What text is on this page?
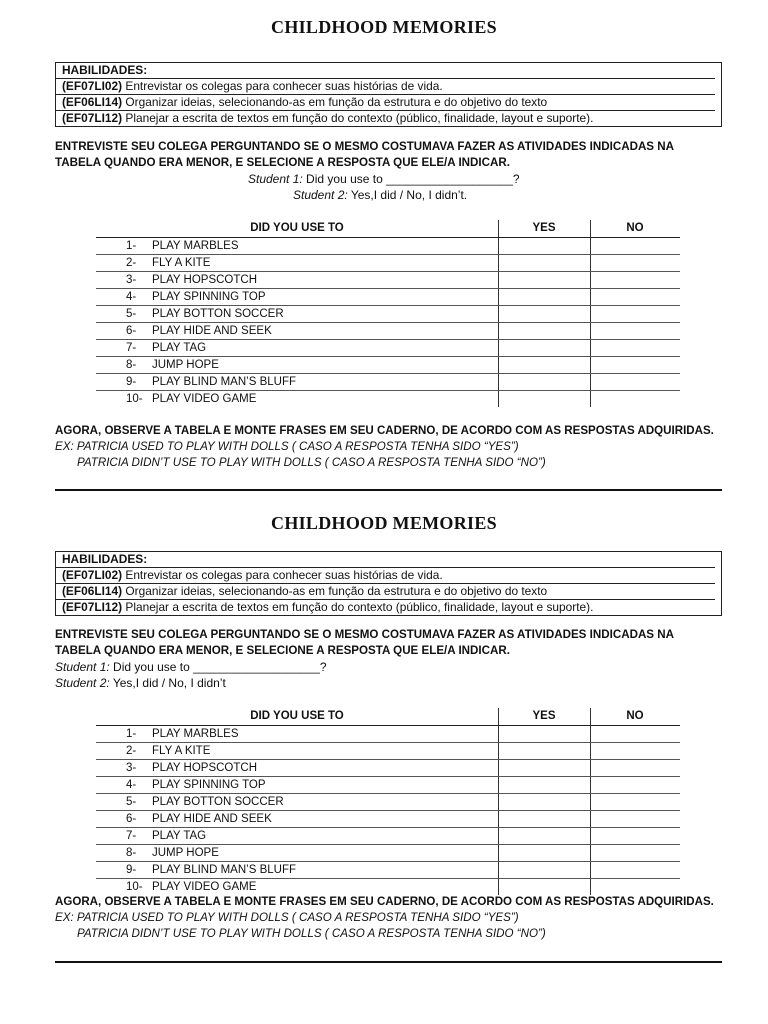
CHILDHOOD MEMORIES
HABILIDADES:
(EF07LI02) Entrevistar os colegas para conhecer suas histórias de vida.
(EF06LI14) Organizar ideias, selecionando-as em função da estrutura e do objetivo do texto
(EF07LI12) Planejar a escrita de textos em função do contexto (público, finalidade, layout e suporte).
ENTREVISTE SEU COLEGA PERGUNTANDO SE O MESMO COSTUMAVA FAZER AS ATIVIDADES INDICADAS NA
TABELA QUANDO ERA MENOR, E SELECIONE A RESPOSTA QUE ELE/A INDICAR.
Student 1: Did you use to ___________________?
Student 2: Yes,I did / No, I didn’t.
DID YOU USE TO	YES	NO
1- PLAY MARBLES
2- FLY A KITE
3- PLAY HOPSCOTCH
4- PLAY SPINNING TOP
5- PLAY BOTTON SOCCER
6- PLAY HIDE AND SEEK
7- PLAY TAG
8- JUMP HOPE
9- PLAY BLIND MAN’S BLUFF
10- PLAY VIDEO GAME
AGORA, OBSERVE A TABELA E MONTE FRASES EM SEU CADERNO, DE ACORDO COM AS RESPOSTAS ADQUIRIDAS.
EX: PATRICIA USED TO PLAY WITH DOLLS ( CASO A RESPOSTA TENHA SIDO “YES”)
PATRICIA DIDN’T USE TO PLAY WITH DOLLS ( CASO A RESPOSTA TENHA SIDO “NO”)
CHILDHOOD MEMORIES
HABILIDADES:
(EF07LI02) Entrevistar os colegas para conhecer suas histórias de vida.
(EF06LI14) Organizar ideias, selecionando-as em função da estrutura e do objetivo do texto
(EF07LI12) Planejar a escrita de textos em função do contexto (público, finalidade, layout e suporte).
ENTREVISTE SEU COLEGA PERGUNTANDO SE O MESMO COSTUMAVA FAZER AS ATIVIDADES INDICADAS NA
TABELA QUANDO ERA MENOR, E SELECIONE A RESPOSTA QUE ELE/A INDICAR.
Student 1: Did you use to ___________________?
Student 2: Yes,I did / No, I didn’t
DID YOU USE TO	YES	NO
1- PLAY MARBLES
2- FLY A KITE
3- PLAY HOPSCOTCH
4- PLAY SPINNING TOP
5- PLAY BOTTON SOCCER
6- PLAY HIDE AND SEEK
7- PLAY TAG
8- JUMP HOPE
9- PLAY BLIND MAN’S BLUFF
10- PLAY VIDEO GAME
AGORA, OBSERVE A TABELA E MONTE FRASES EM SEU CADERNO, DE ACORDO COM AS RESPOSTAS ADQUIRIDAS.
EX: PATRICIA USED TO PLAY WITH DOLLS ( CASO A RESPOSTA TENHA SIDO “YES”)
PATRICIA DIDN’T USE TO PLAY WITH DOLLS ( CASO A RESPOSTA TENHA SIDO “NO”)
